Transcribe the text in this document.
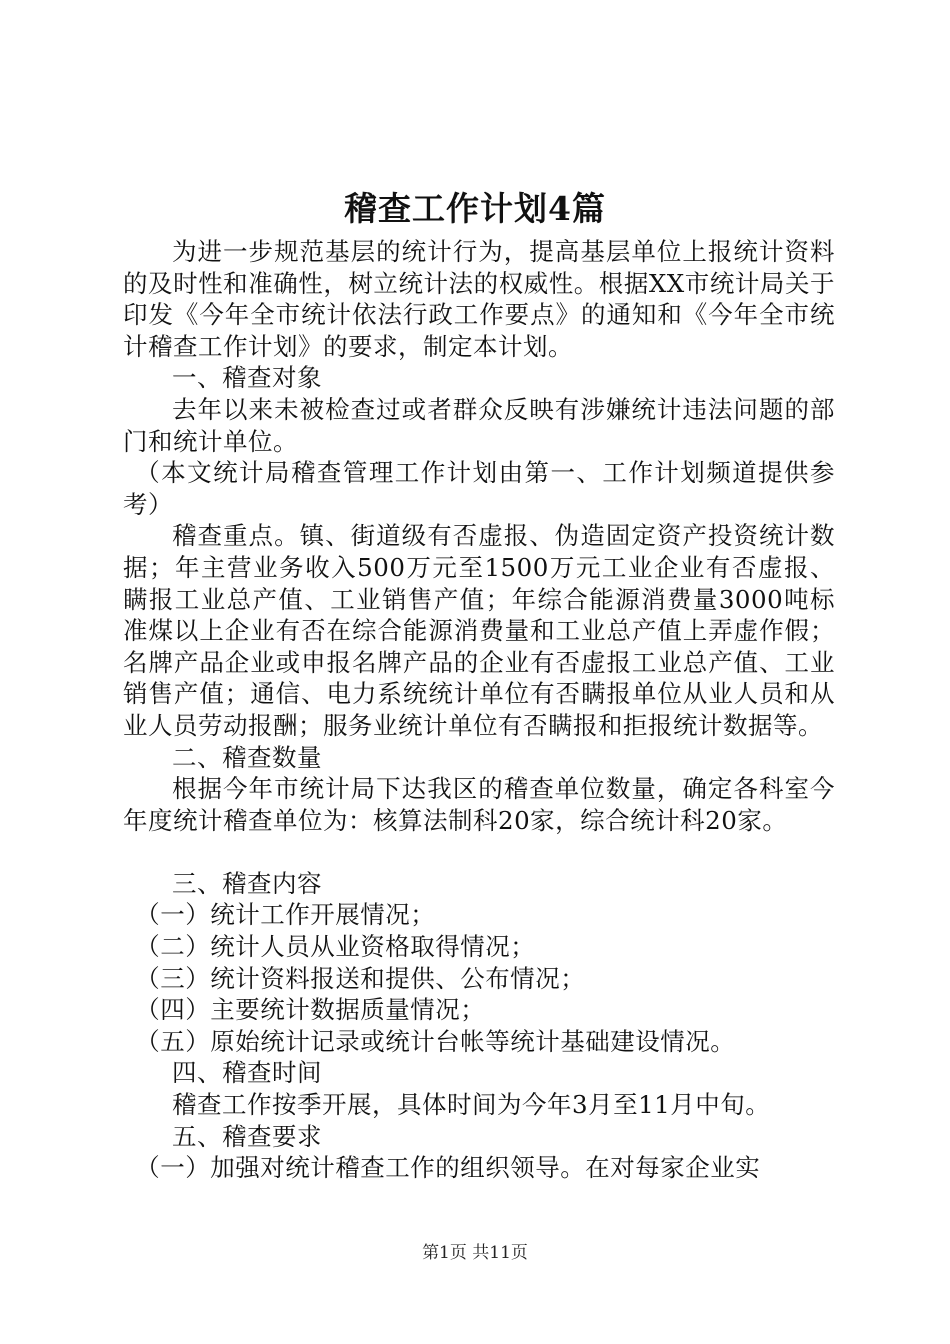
稽查工作计划4篇

为进一步规范基层的统计行为，提高基层单位上报统计资料的及时性和准确性，树立统计法的权威性。根据XX市统计局关于印发《今年全市统计依法行政工作要点》的通知和《今年全市统计稽查工作计划》的要求，制定本计划。

一、稽查对象

去年以来未被检查过或者群众反映有涉嫌统计违法问题的部门和统计单位。

（本文统计局稽查管理工作计划由第一、工作计划频道提供参考）

稽查重点。镇、街道级有否虚报、伪造固定资产投资统计数据；年主营业务收入500万元至1500万元工业企业有否虚报、瞒报工业总产值、工业销售产值；年综合能源消费量3000吨标准煤以上企业有否在综合能源消费量和工业总产值上弄虚作假；名牌产品企业或申报名牌产品的企业有否虚报工业总产值、工业销售产值；通信、电力系统统计单位有否瞒报单位从业人员和从业人员劳动报酬；服务业统计单位有否瞒报和拒报统计数据等。

二、稽查数量

根据今年市统计局下达我区的稽查单位数量，确定各科室今年度统计稽查单位为：核算法制科20家，综合统计科20家。

三、稽查内容

（一）统计工作开展情况；

（二）统计人员从业资格取得情况；

（三）统计资料报送和提供、公布情况；

（四）主要统计数据质量情况；

（五）原始统计记录或统计台帐等统计基础建设情况。

四、稽查时间

稽查工作按季开展，具体时间为今年3月至11月中旬。

五、稽查要求

（一）加强对统计稽查工作的组织领导。在对每家企业实

第1页 共11页
